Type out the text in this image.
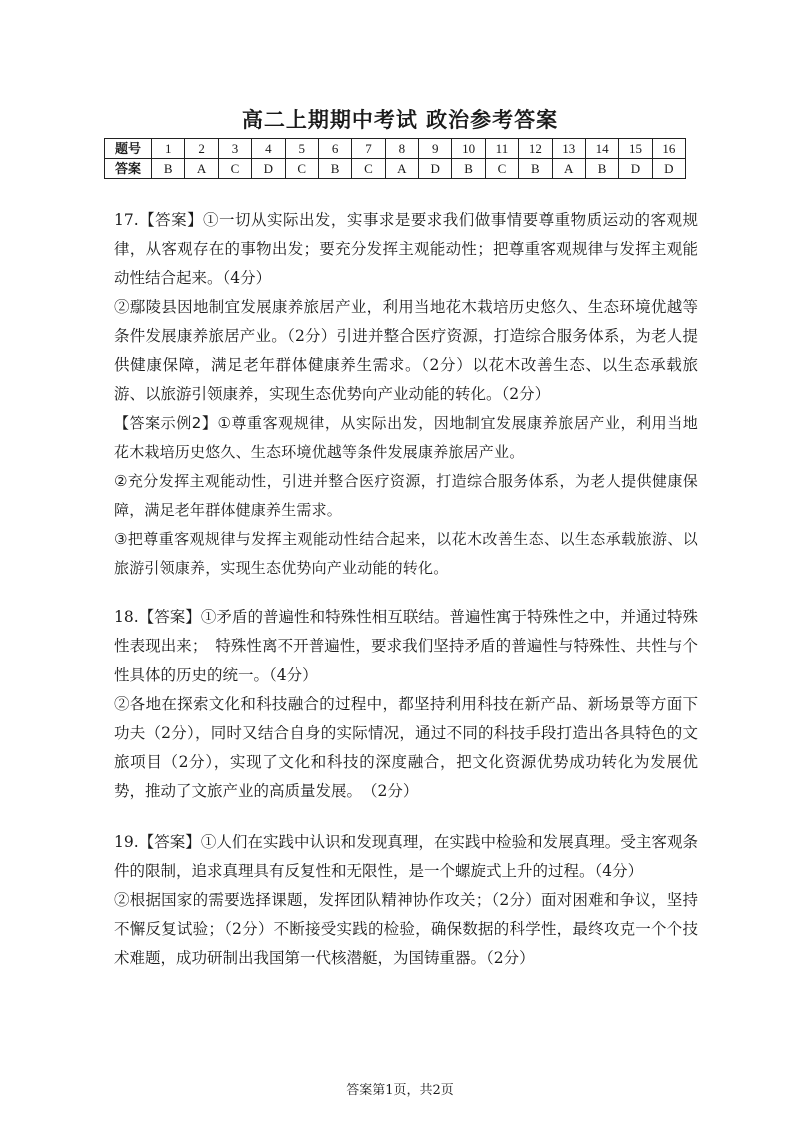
高二上期期中考试 政治参考答案
题号	1	2	3	4	5	6	7	8	9	10	11	12	13	14	15	16
答案	B	A	C	D	C	B	C	A	D	B	C	B	A	B	D	D

17.【答案】①一切从实际出发，实事求是要求我们做事情要尊重物质运动的客观规律，从客观存在的事物出发；要充分发挥主观能动性；把尊重客观规律与发挥主观能动性结合起来。（4分）

②鄢陵县因地制宜发展康养旅居产业，利用当地花木栽培历史悠久、生态环境优越等条件发展康养旅居产业。（2分）引进并整合医疗资源，打造综合服务体系，为老人提供健康保障，满足老年群体健康养生需求。（2分）以花木改善生态、以生态承载旅游、以旅游引领康养，实现生态优势向产业动能的转化。（2分）

【答案示例2】①尊重客观规律，从实际出发，因地制宜发展康养旅居产业，利用当地花木栽培历史悠久、生态环境优越等条件发展康养旅居产业。

②充分发挥主观能动性，引进并整合医疗资源，打造综合服务体系，为老人提供健康保障，满足老年群体健康养生需求。

③把尊重客观规律与发挥主观能动性结合起来，以花木改善生态、以生态承载旅游、以旅游引领康养，实现生态优势向产业动能的转化。

18.【答案】①矛盾的普遍性和特殊性相互联结。普遍性寓于特殊性之中，并通过特殊性表现出来；　特殊性离不开普遍性，要求我们坚持矛盾的普遍性与特殊性、共性与个性具体的历史的统一。（4分）

②各地在探索文化和科技融合的过程中，都坚持利用科技在新产品、新场景等方面下功夫（2分），同时又结合自身的实际情况，通过不同的科技手段打造出各具特色的文旅项目（2分），实现了文化和科技的深度融合，把文化资源优势成功转化为发展优势，推动了文旅产业的高质量发展。　（2分）

19.【答案】①人们在实践中认识和发现真理，在实践中检验和发展真理。受主客观条件的限制，追求真理具有反复性和无限性，是一个螺旋式上升的过程。（4分）

②根据国家的需要选择课题，发挥团队精神协作攻关；（2分）面对困难和争议，坚持不懈反复试验；（2分）不断接受实践的检验，确保数据的科学性，最终攻克一个个技术难题，成功研制出我国第一代核潜艇，为国铸重器。（2分）

答案第1页，共2页
